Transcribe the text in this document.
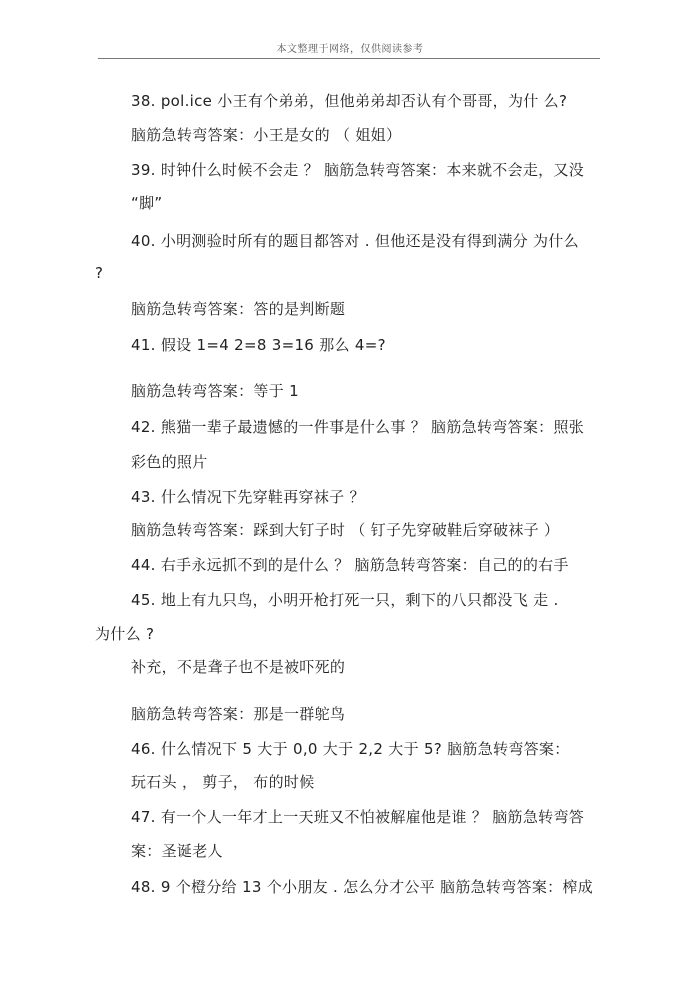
本文整理于网络，仅供阅读参考
38. pol.ice 小王有个弟弟，但他弟弟却否认有个哥哥，为什 么?
脑筋急转弯答案：小王是女的 （ 姐姐）
39. 时钟什么时候不会走 ？ 脑筋急转弯答案：本来就不会走，又没
“脚”
40. 小明测验时所有的题目都答对 . 但他还是没有得到满分 为什么
?
脑筋急转弯答案：答的是判断题
41. 假设 1=4 2=8 3=16 那么 4=?
脑筋急转弯答案：等于 1
42. 熊猫一辈子最遗憾的一件事是什么事 ？ 脑筋急转弯答案：照张
彩色的照片
43. 什么情况下先穿鞋再穿袜子 ？
脑筋急转弯答案：踩到大钉子时 （ 钉子先穿破鞋后穿破袜子 ）
44. 右手永远抓不到的是什么 ？ 脑筋急转弯答案：自己的的右手
45. 地上有九只鸟，小明开枪打死一只，剩下的八只都没飞 走 .
为什么 ?
补充，不是聋子也不是被吓死的
脑筋急转弯答案：那是一群鸵鸟
46. 什么情况下 5 大于 0,0 大于 2,2 大于 5? 脑筋急转弯答案：
玩石头 ， 剪子， 布的时候
47. 有一个人一年才上一天班又不怕被解雇他是谁 ？ 脑筋急转弯答
案：圣诞老人
48. 9 个橙分给 13 个小朋友 . 怎么分才公平 脑筋急转弯答案：榨成
